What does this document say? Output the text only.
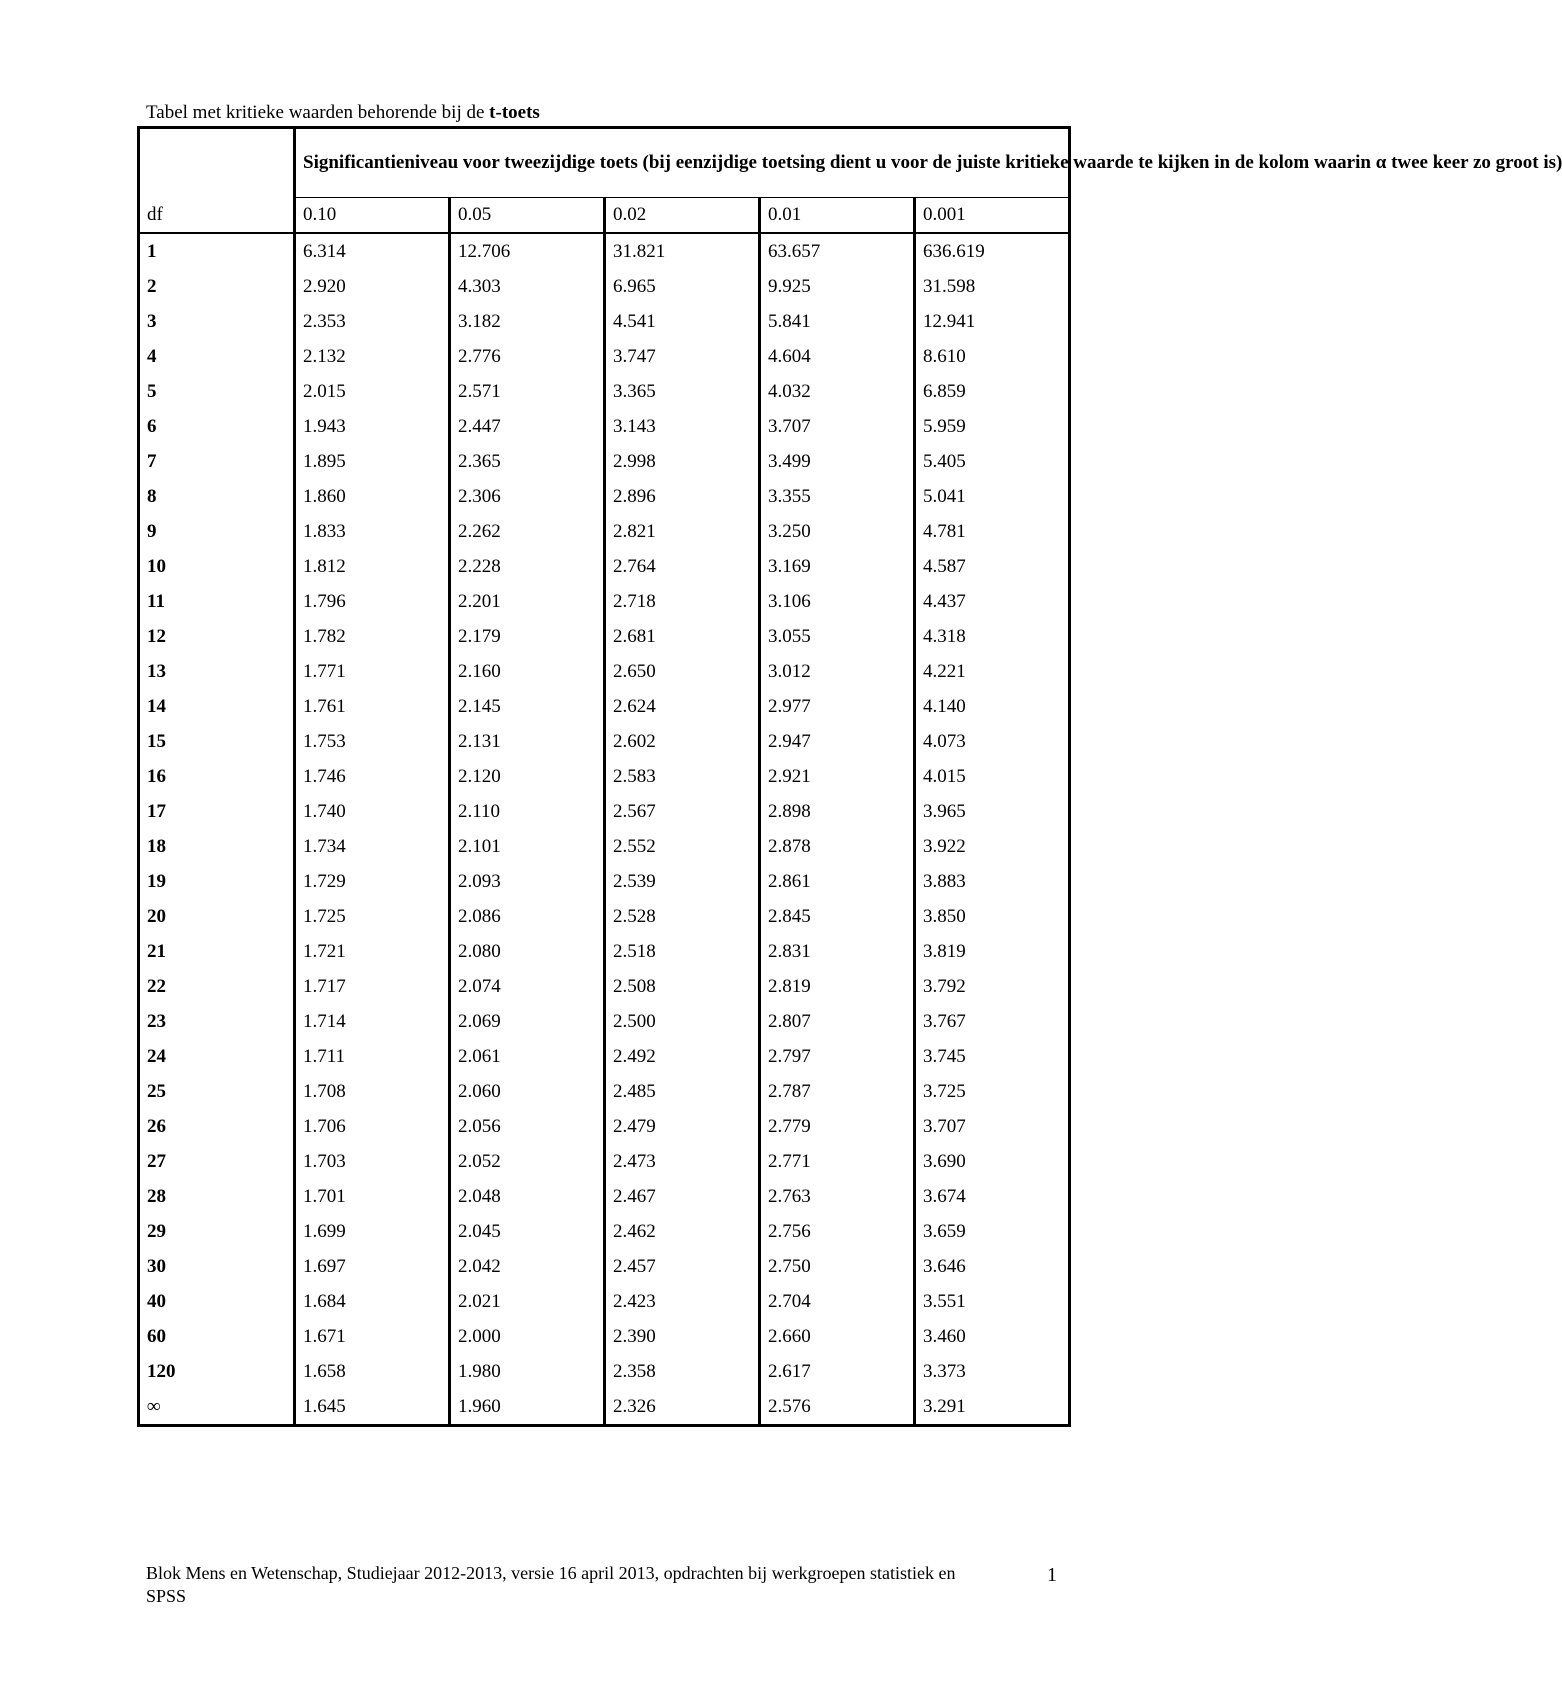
Tabel met kritieke waarden behorende bij de t-toets
df	Significantieniveau voor tweezijdige toets (bij eenzijdige toetsing dient u voor de juiste kritieke waarde te kijken in de kolom waarin α twee keer zo groot is)				
	0.10	0.05	0.02	0.01	0.001
1	6.314	12.706	31.821	63.657	636.619
2	2.920	4.303	6.965	9.925	31.598
3	2.353	3.182	4.541	5.841	12.941
4	2.132	2.776	3.747	4.604	8.610
5	2.015	2.571	3.365	4.032	6.859
6	1.943	2.447	3.143	3.707	5.959
7	1.895	2.365	2.998	3.499	5.405
8	1.860	2.306	2.896	3.355	5.041
9	1.833	2.262	2.821	3.250	4.781
10	1.812	2.228	2.764	3.169	4.587
11	1.796	2.201	2.718	3.106	4.437
12	1.782	2.179	2.681	3.055	4.318
13	1.771	2.160	2.650	3.012	4.221
14	1.761	2.145	2.624	2.977	4.140
15	1.753	2.131	2.602	2.947	4.073
16	1.746	2.120	2.583	2.921	4.015
17	1.740	2.110	2.567	2.898	3.965
18	1.734	2.101	2.552	2.878	3.922
19	1.729	2.093	2.539	2.861	3.883
20	1.725	2.086	2.528	2.845	3.850
21	1.721	2.080	2.518	2.831	3.819
22	1.717	2.074	2.508	2.819	3.792
23	1.714	2.069	2.500	2.807	3.767
24	1.711	2.061	2.492	2.797	3.745
25	1.708	2.060	2.485	2.787	3.725
26	1.706	2.056	2.479	2.779	3.707
27	1.703	2.052	2.473	2.771	3.690
28	1.701	2.048	2.467	2.763	3.674
29	1.699	2.045	2.462	2.756	3.659
30	1.697	2.042	2.457	2.750	3.646
40	1.684	2.021	2.423	2.704	3.551
60	1.671	2.000	2.390	2.660	3.460
120	1.658	1.980	2.358	2.617	3.373
∞	1.645	1.960	2.326	2.576	3.291
Blok Mens en Wetenschap, Studiejaar 2012-2013, versie 16 april 2013, opdrachten bij werkgroepen statistiek en SPSS
1
